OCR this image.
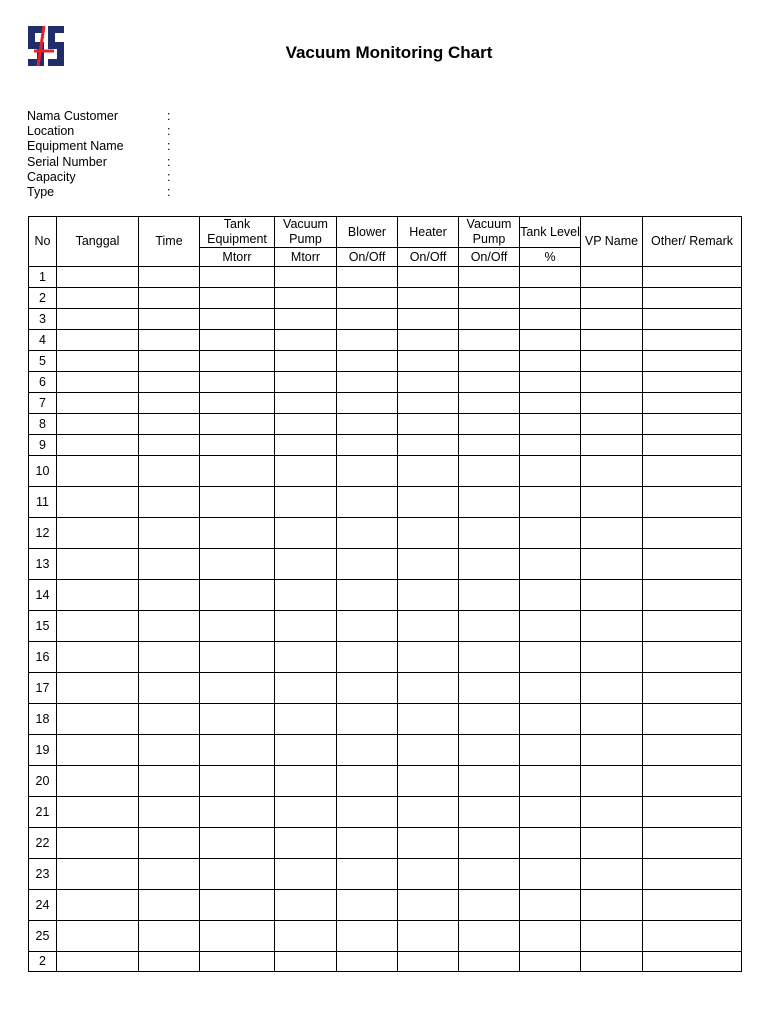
Vacuum Monitoring Chart
Nama Customer	:
Location	:
Equipment Name	:
Serial Number	:
Capacity	:
Type	:
No	Tanggal	Time	Tank Equipment	Vacuum Pump	Blower	Heater	Vacuum Pump	Tank Level	VP Name	Other/ Remark
			Mtorr	Mtorr	On/Off	On/Off	On/Off	%		
1										
2										
3										
4										
5										
6										
7										
8										
9										
10										
11										
12										
13										
14										
15										
16										
17										
18										
19										
20										
21										
22										
23										
24										
25										
2										
